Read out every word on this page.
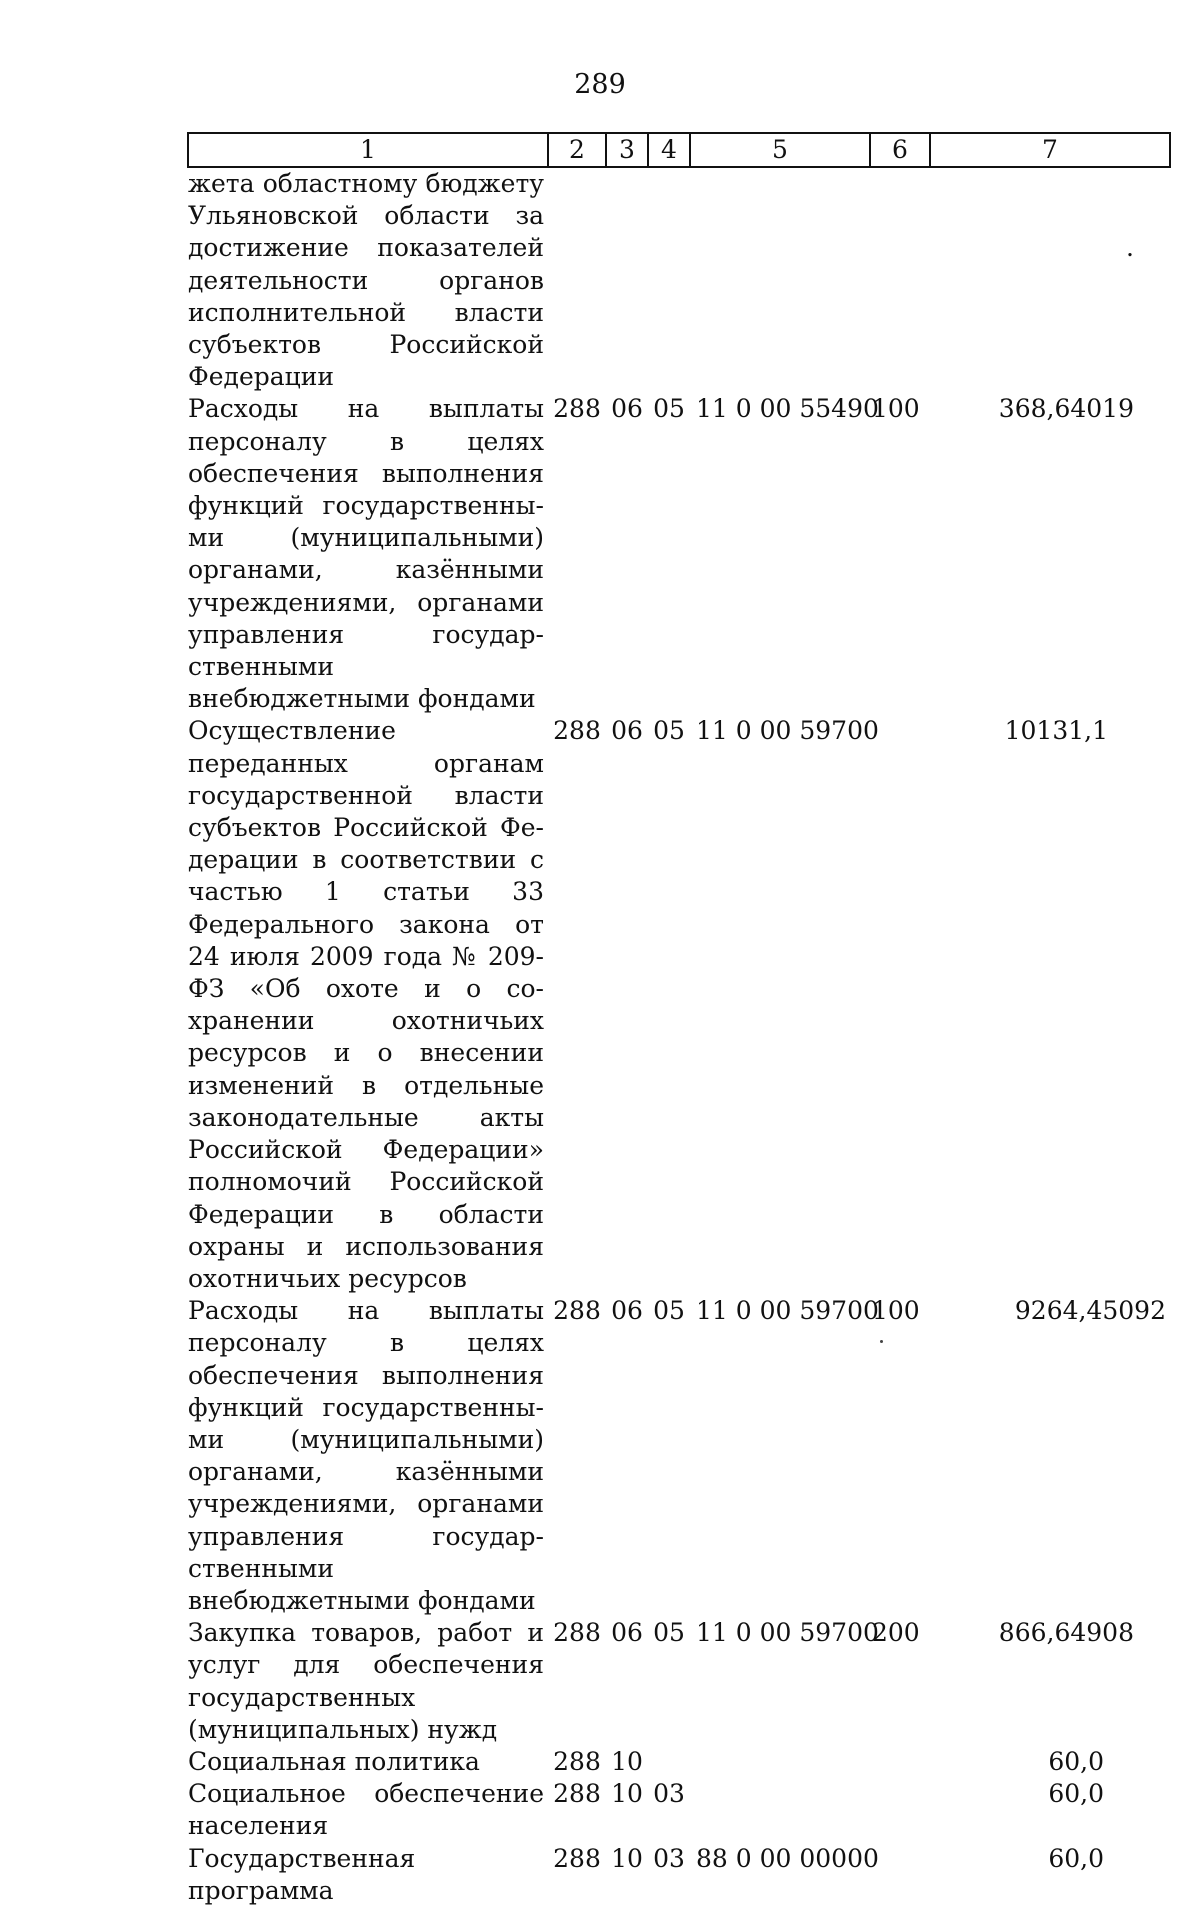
289
1	2	3	4	5	6	7
жета областному бюджету Ульяновской области за достижение показателей деятельности органов исполнительной власти субъектов Российской Федерации						.
Расходы на выплаты персоналу в целях обеспечения выполнения функций государственными (муниципальными) органами, казёнными учреждениями, органами управления государственными внебюджетными фондами	288	06	05	11 0 00 55490	100	368,64019
Осуществление переданных органам государственной власти субъектов Российской Федерации в соответствии с частью 1 статьи 33 Федерального закона от 24 июля 2009 года № 209-ФЗ «Об охоте и о сохранении охотничьих ресурсов и о внесении изменений в отдельные законодательные акты Российской Федерации» полномочий Российской Федерации в области охраны и использования охотничьих ресурсов	288	06	05	11 0 00 59700		10131,1
Расходы на выплаты персоналу в целях обеспечения выполнения функций государственными (муниципальными) органами, казёнными учреждениями, органами управления государственными внебюджетными фондами	288	06	05	11 0 00 59700	100	9264,45092
Закупка товаров, работ и услуг для обеспечения государственных (муниципальных) нужд	288	06	05	11 0 00 59700	200	866,64908
Социальная политика	288	10				60,0
Социальное обеспечение населения	288	10	03			60,0
Государственная программа	288	10	03	88 0 00 00000		60,0
